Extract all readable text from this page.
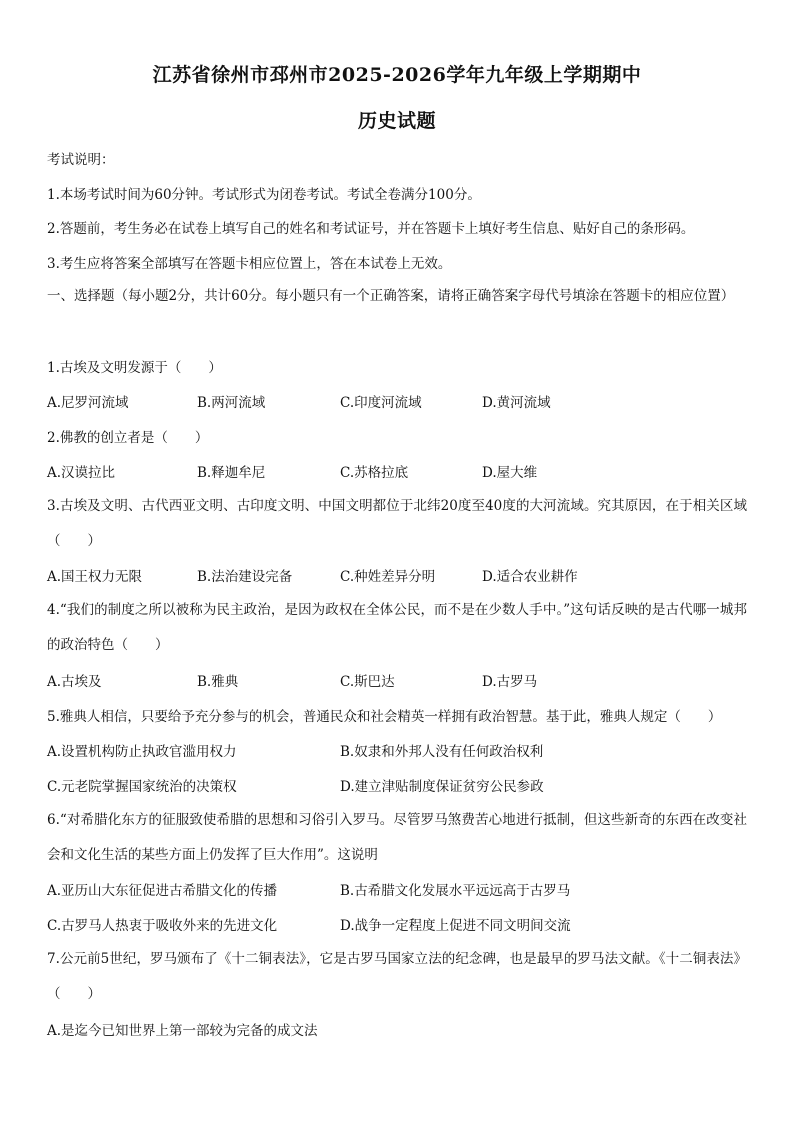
江苏省徐州市邳州市2025-2026学年九年级上学期期中
历史试题
考试说明：
1.本场考试时间为60分钟。考试形式为闭卷考试。考试全卷满分100分。
2.答题前，考生务必在试卷上填写自己的姓名和考试证号，并在答题卡上填好考生信息、贴好自己的条形码。
3.考生应将答案全部填写在答题卡相应位置上，答在本试卷上无效。
一、选择题（每小题2分，共计60分。每小题只有一个正确答案，请将正确答案字母代号填涂在答题卡的相应位置）
1.古埃及文明发源于（　　）
A.尼罗河流域	B.两河流域	C.印度河流域	D.黄河流域
2.佛教的创立者是（　　）
A.汉谟拉比	B.释迦牟尼	C.苏格拉底	D.屋大维
3.古埃及文明、古代西亚文明、古印度文明、中国文明都位于北纬20度至40度的大河流域。究其原因，在于相关区域（　　）
A.国王权力无限	B.法治建设完备	C.种姓差异分明	D.适合农业耕作
4.“我们的制度之所以被称为民主政治，是因为政权在全体公民，而不是在少数人手中。”这句话反映的是古代哪一城邦的政治特色（　　）
A.古埃及	B.雅典	C.斯巴达	D.古罗马
5.雅典人相信，只要给予充分参与的机会，普通民众和社会精英一样拥有政治智慧。基于此，雅典人规定（　　）
A.设置机构防止执政官滥用权力	B.奴隶和外邦人没有任何政治权利
C.元老院掌握国家统治的决策权	D.建立津贴制度保证贫穷公民参政
6.“对希腊化东方的征服致使希腊的思想和习俗引入罗马。尽管罗马煞费苦心地进行抵制，但这些新奇的东西在改变社会和文化生活的某些方面上仍发挥了巨大作用”。这说明
A.亚历山大东征促进古希腊文化的传播	B.古希腊文化发展水平远远高于古罗马
C.古罗马人热衷于吸收外来的先进文化	D.战争一定程度上促进不同文明间交流
7.公元前5世纪，罗马颁布了《十二铜表法》，它是古罗马国家立法的纪念碑，也是最早的罗马法文献。《十二铜表法》（　　）
A.是迄今已知世界上第一部较为完备的成文法
